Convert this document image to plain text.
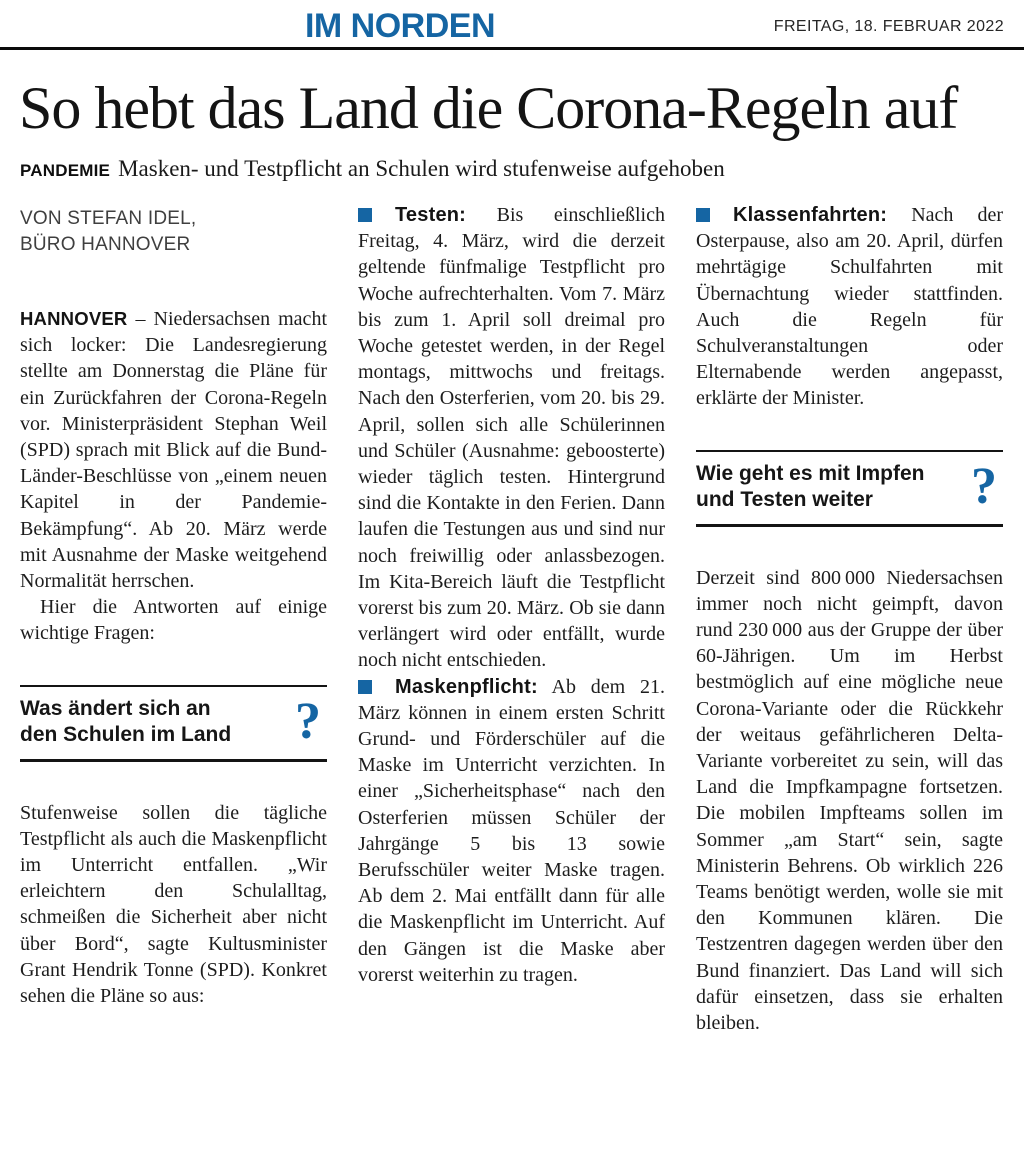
IM NORDEN	FREITAG, 18. FEBRUAR 2022
So hebt das Land die Corona-Regeln auf
PANDEMIE Masken- und Testpflicht an Schulen wird stufenweise aufgehoben
VON STEFAN IDEL,
BÜRO HANNOVER

HANNOVER – Niedersachsen macht sich locker: Die Landesregierung stellte am Donnerstag die Pläne für ein Zurückfahren der Corona-Regeln vor. Ministerpräsident Stephan Weil (SPD) sprach mit Blick auf die Bund-Länder-Beschlüsse von „einem neuen Kapitel in der Pandemie-Bekämpfung“. Ab 20. März werde mit Ausnahme der Maske weitgehend Normalität herrschen.

Hier die Antworten auf einige wichtige Fragen:

Was ändert sich an
den Schulen im Land	?

Stufenweise sollen die tägliche Testpflicht als auch die Maskenpflicht im Unterricht entfallen. „Wir erleichtern den Schulalltag, schmeißen die Sicherheit aber nicht über Bord“, sagte Kultusminister Grant Hendrik Tonne (SPD). Konkret sehen die Pläne so aus:

Testen: Bis einschließlich Freitag, 4. März, wird die derzeit geltende fünfmalige Testpflicht pro Woche aufrechterhalten. Vom 7. März bis zum 1. April soll dreimal pro Woche getestet werden, in der Regel montags, mittwochs und freitags. Nach den Osterferien, vom 20. bis 29. April, sollen sich alle Schülerinnen und Schüler (Ausnahme: geboosterte) wieder täglich testen. Hintergrund sind die Kontakte in den Ferien. Dann laufen die Testungen aus und sind nur noch freiwillig oder anlassbezogen. Im Kita-Bereich läuft die Testpflicht vorerst bis zum 20. März. Ob sie dann verlängert wird oder entfällt, wurde noch nicht entschieden.

Maskenpflicht: Ab dem 21. März können in einem ersten Schritt Grund- und Förderschüler auf die Maske im Unterricht verzichten. In einer „Sicherheitsphase“ nach den Osterferien müssen Schüler der Jahrgänge 5 bis 13 sowie Berufsschüler weiter Maske tragen. Ab dem 2. Mai entfällt dann für alle die Maskenpflicht im Unterricht. Auf den Gängen ist die Maske aber vorerst weiterhin zu tragen.

Klassenfahrten: Nach der Osterpause, also am 20. April, dürfen mehrtägige Schulfahrten mit Übernachtung wieder stattfinden. Auch die Regeln für Schulveranstaltungen oder Elternabende werden angepasst, erklärte der Minister.

Wie geht es mit Impfen
und Testen weiter	?

Derzeit sind 800 000 Niedersachsen immer noch nicht geimpft, davon rund 230 000 aus der Gruppe der über 60-Jährigen. Um im Herbst bestmöglich auf eine mögliche neue Corona-Variante oder die Rückkehr der weitaus gefährlicheren Delta-Variante vorbereitet zu sein, will das Land die Impfkampagne fortsetzen. Die mobilen Impfteams sollen im Sommer „am Start“ sein, sagte Ministerin Behrens. Ob wirklich 226 Teams benötigt werden, wolle sie mit den Kommunen klären. Die Testzentren dagegen werden über den Bund finanziert. Das Land will sich dafür einsetzen, dass sie erhalten bleiben.
